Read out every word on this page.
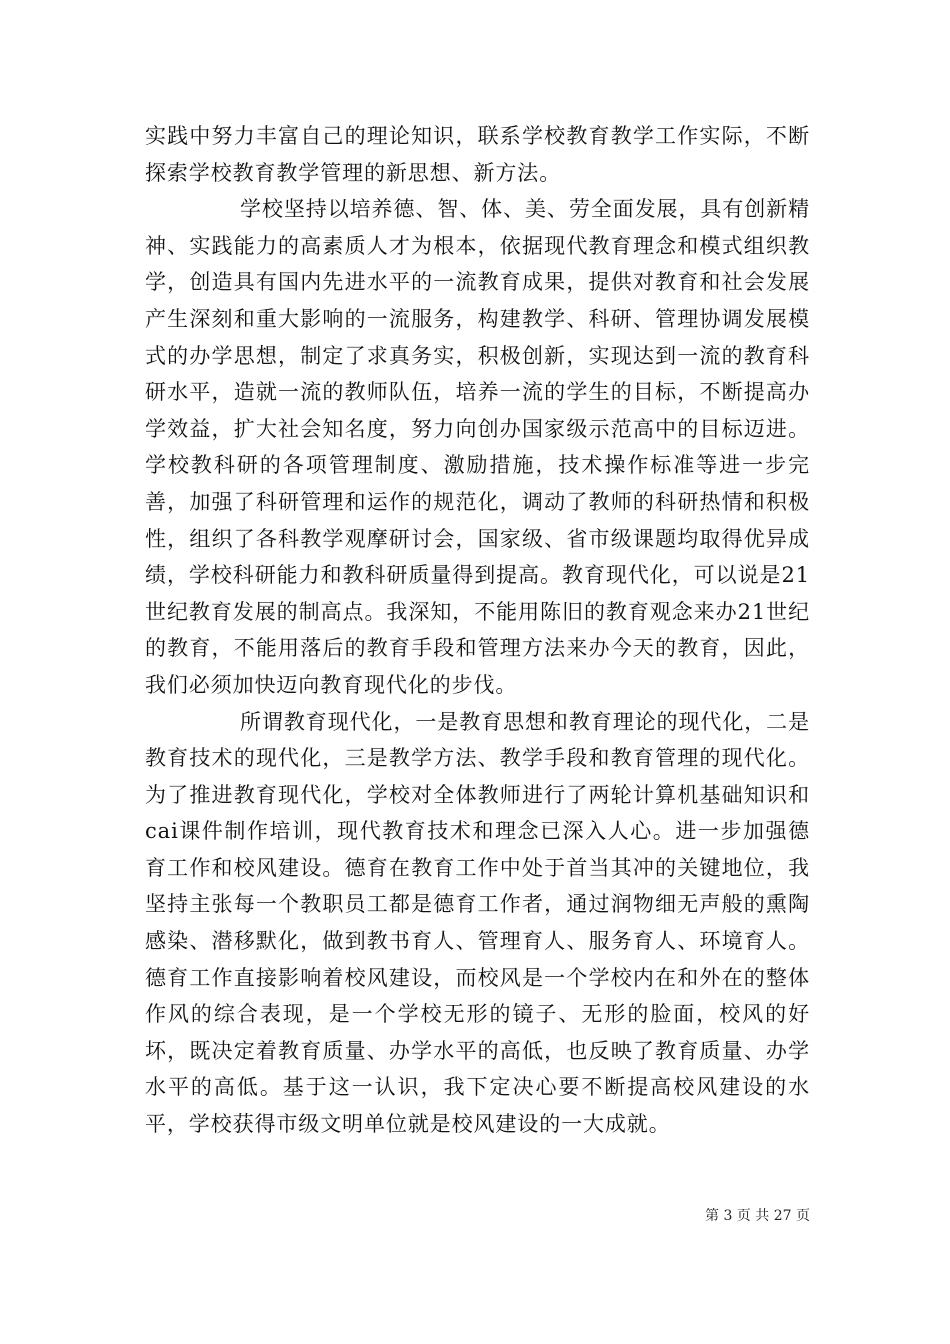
实践中努力丰富自己的理论知识，联系学校教育教学工作实际，不断探索学校教育教学管理的新思想、新方法。

学校坚持以培养德、智、体、美、劳全面发展，具有创新精神、实践能力的高素质人才为根本，依据现代教育理念和模式组织教学，创造具有国内先进水平的一流教育成果，提供对教育和社会发展产生深刻和重大影响的一流服务，构建教学、科研、管理协调发展模式的办学思想，制定了求真务实，积极创新，实现达到一流的教育科研水平，造就一流的教师队伍，培养一流的学生的目标，不断提高办学效益，扩大社会知名度，努力向创办国家级示范高中的目标迈进。学校教科研的各项管理制度、激励措施，技术操作标准等进一步完善，加强了科研管理和运作的规范化，调动了教师的科研热情和积极性，组织了各科教学观摩研讨会，国家级、省市级课题均取得优异成绩，学校科研能力和教科研质量得到提高。教育现代化，可以说是21世纪教育发展的制高点。我深知，不能用陈旧的教育观念来办21世纪的教育，不能用落后的教育手段和管理方法来办今天的教育，因此，我们必须加快迈向教育现代化的步伐。

所谓教育现代化，一是教育思想和教育理论的现代化，二是教育技术的现代化，三是教学方法、教学手段和教育管理的现代化。为了推进教育现代化，学校对全体教师进行了两轮计算机基础知识和cai课件制作培训，现代教育技术和理念已深入人心。进一步加强德育工作和校风建设。德育在教育工作中处于首当其冲的关键地位，我坚持主张每一个教职员工都是德育工作者，通过润物细无声般的熏陶感染、潜移默化，做到教书育人、管理育人、服务育人、环境育人。德育工作直接影响着校风建设，而校风是一个学校内在和外在的整体作风的综合表现，是一个学校无形的镜子、无形的脸面，校风的好坏，既决定着教育质量、办学水平的高低，也反映了教育质量、办学水平的高低。基于这一认识，我下定决心要不断提高校风建设的水平，学校获得市级文明单位就是校风建设的一大成就。

第 3 页 共 27 页
